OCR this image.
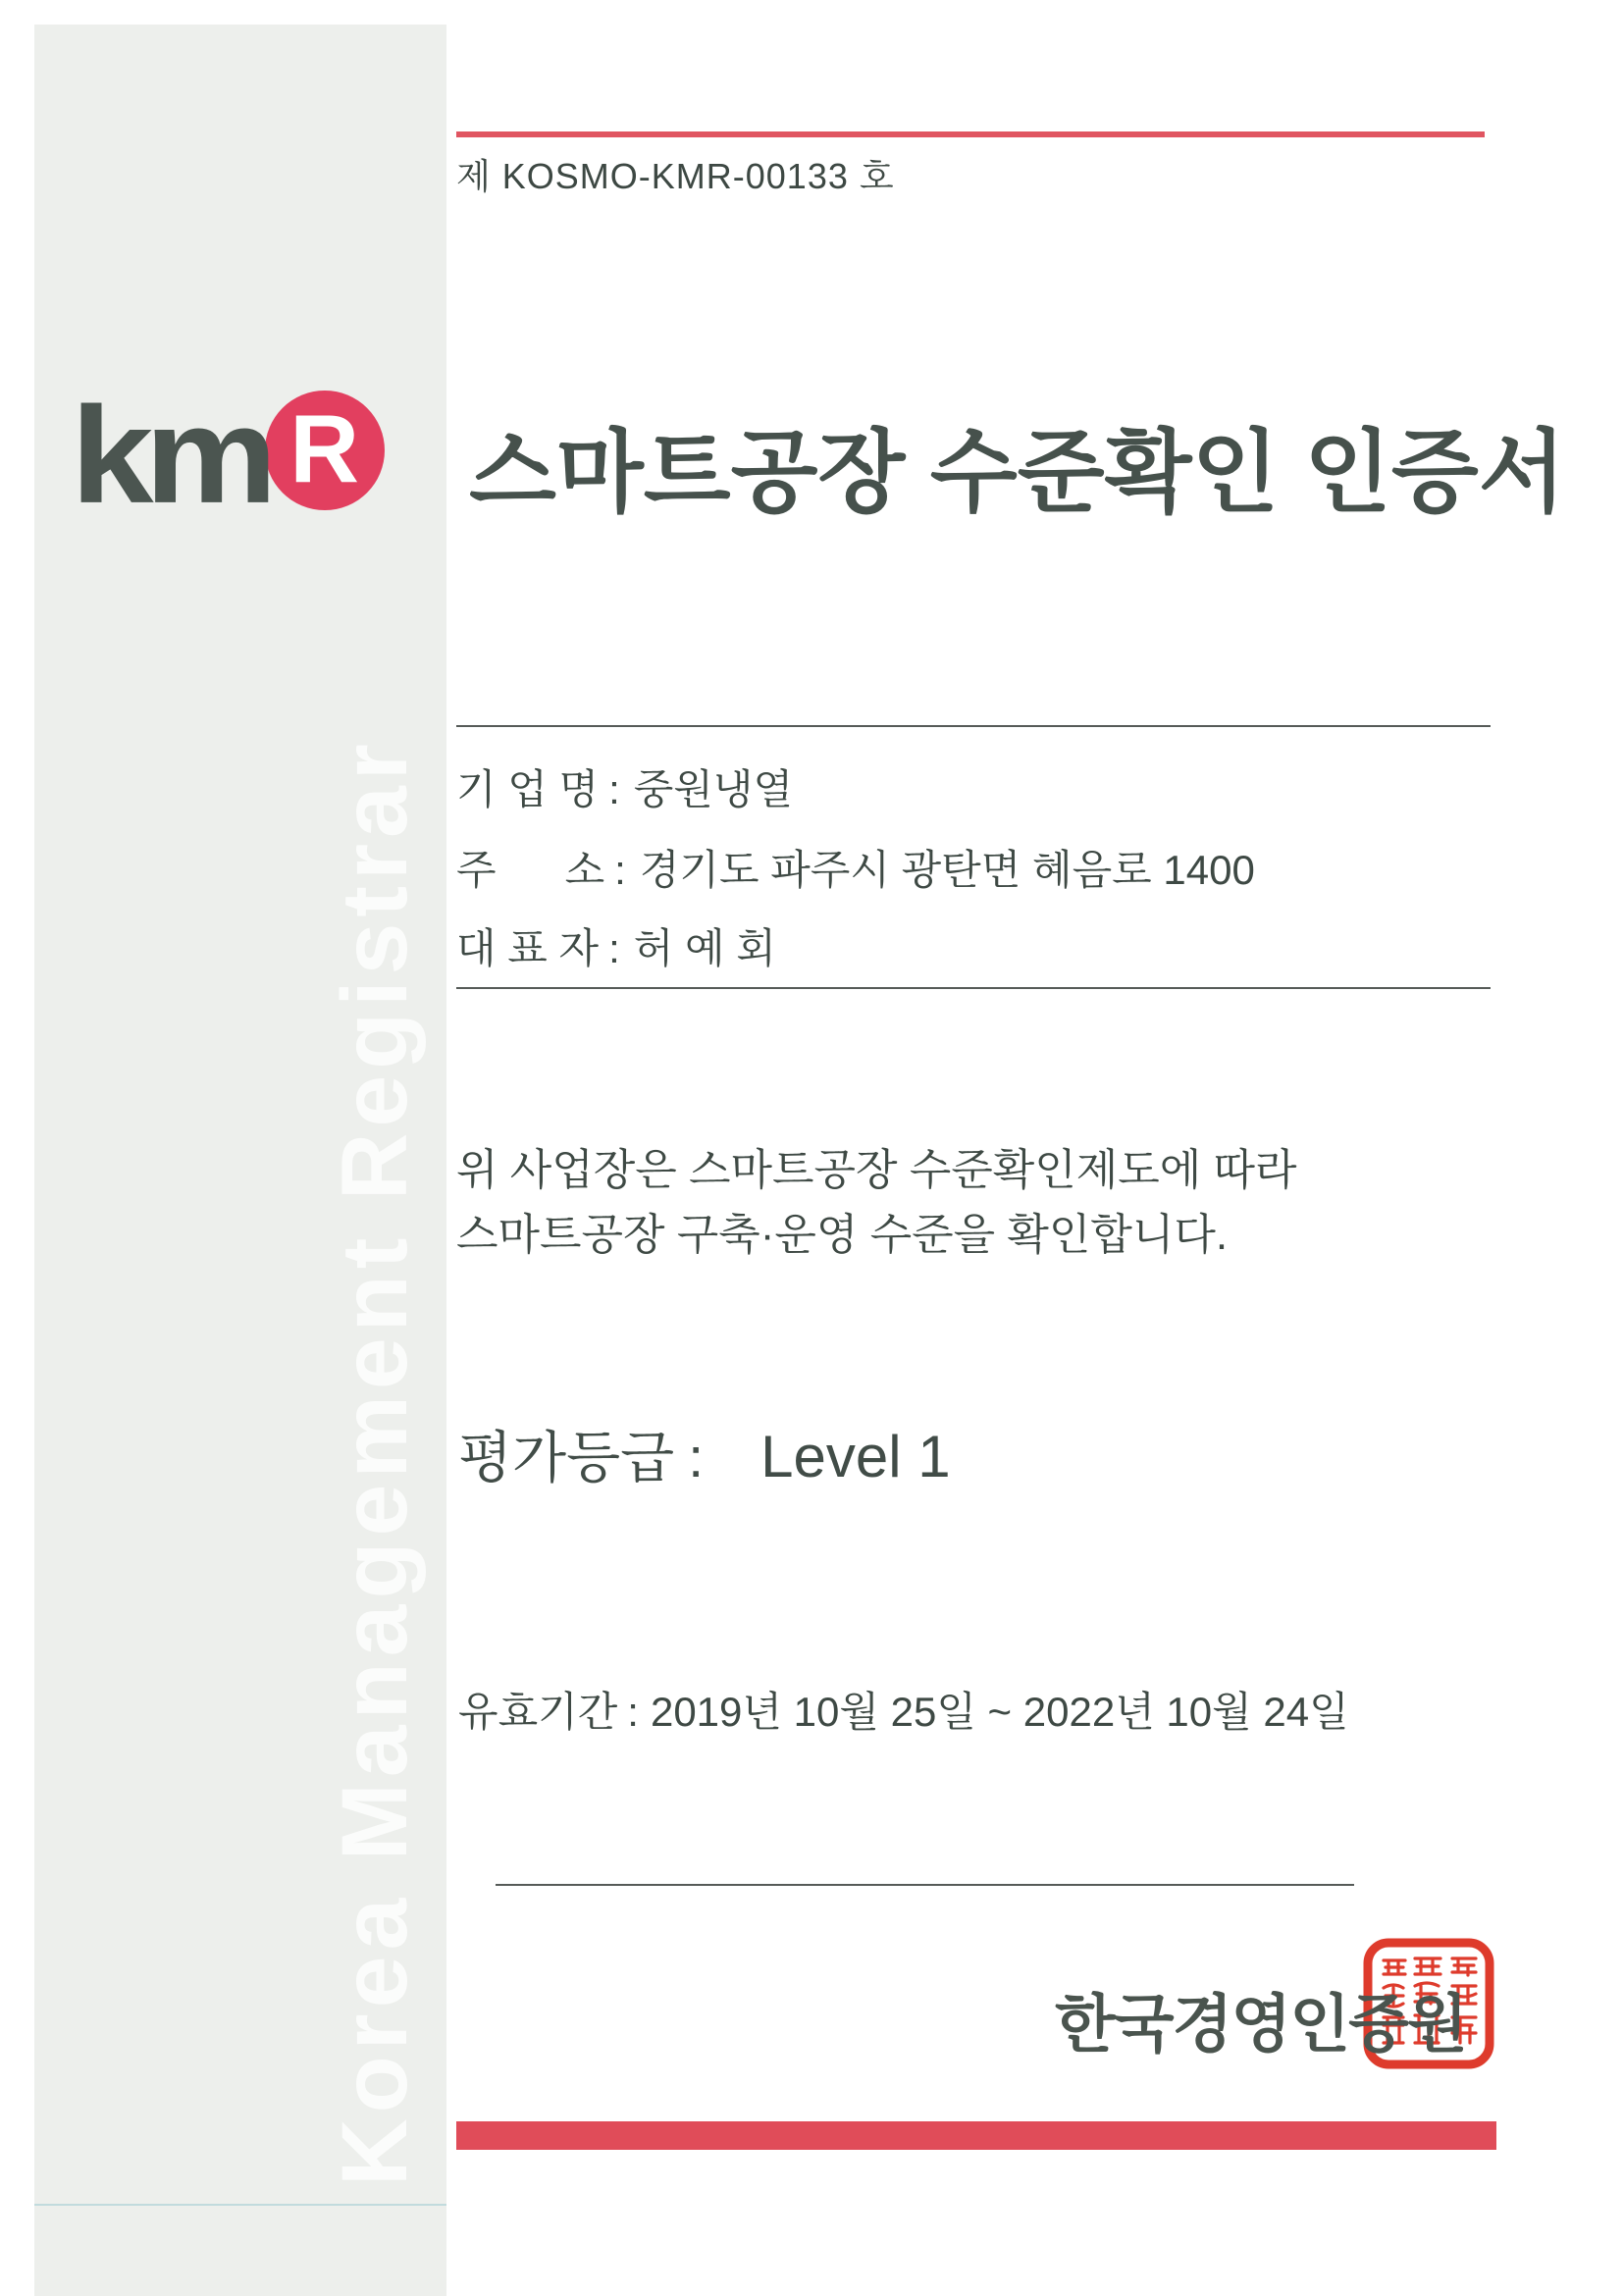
km R
Korea Management Registrar
제 KOSMO-KMR-00133 호
스마트공장 수준확인 인증서
기 업 명 : 중원냉열
주      소 : 경기도 파주시 광탄면 혜음로 1400
대 표 자 : 허 예 회
위 사업장은 스마트공장 수준확인제도에 따라
스마트공장 구축·운영 수준을 확인합니다.
평가등급 : Level 1
유효기간 : 2019년 10월 25일 ~ 2022년 10월 24일
한국경영인증원
